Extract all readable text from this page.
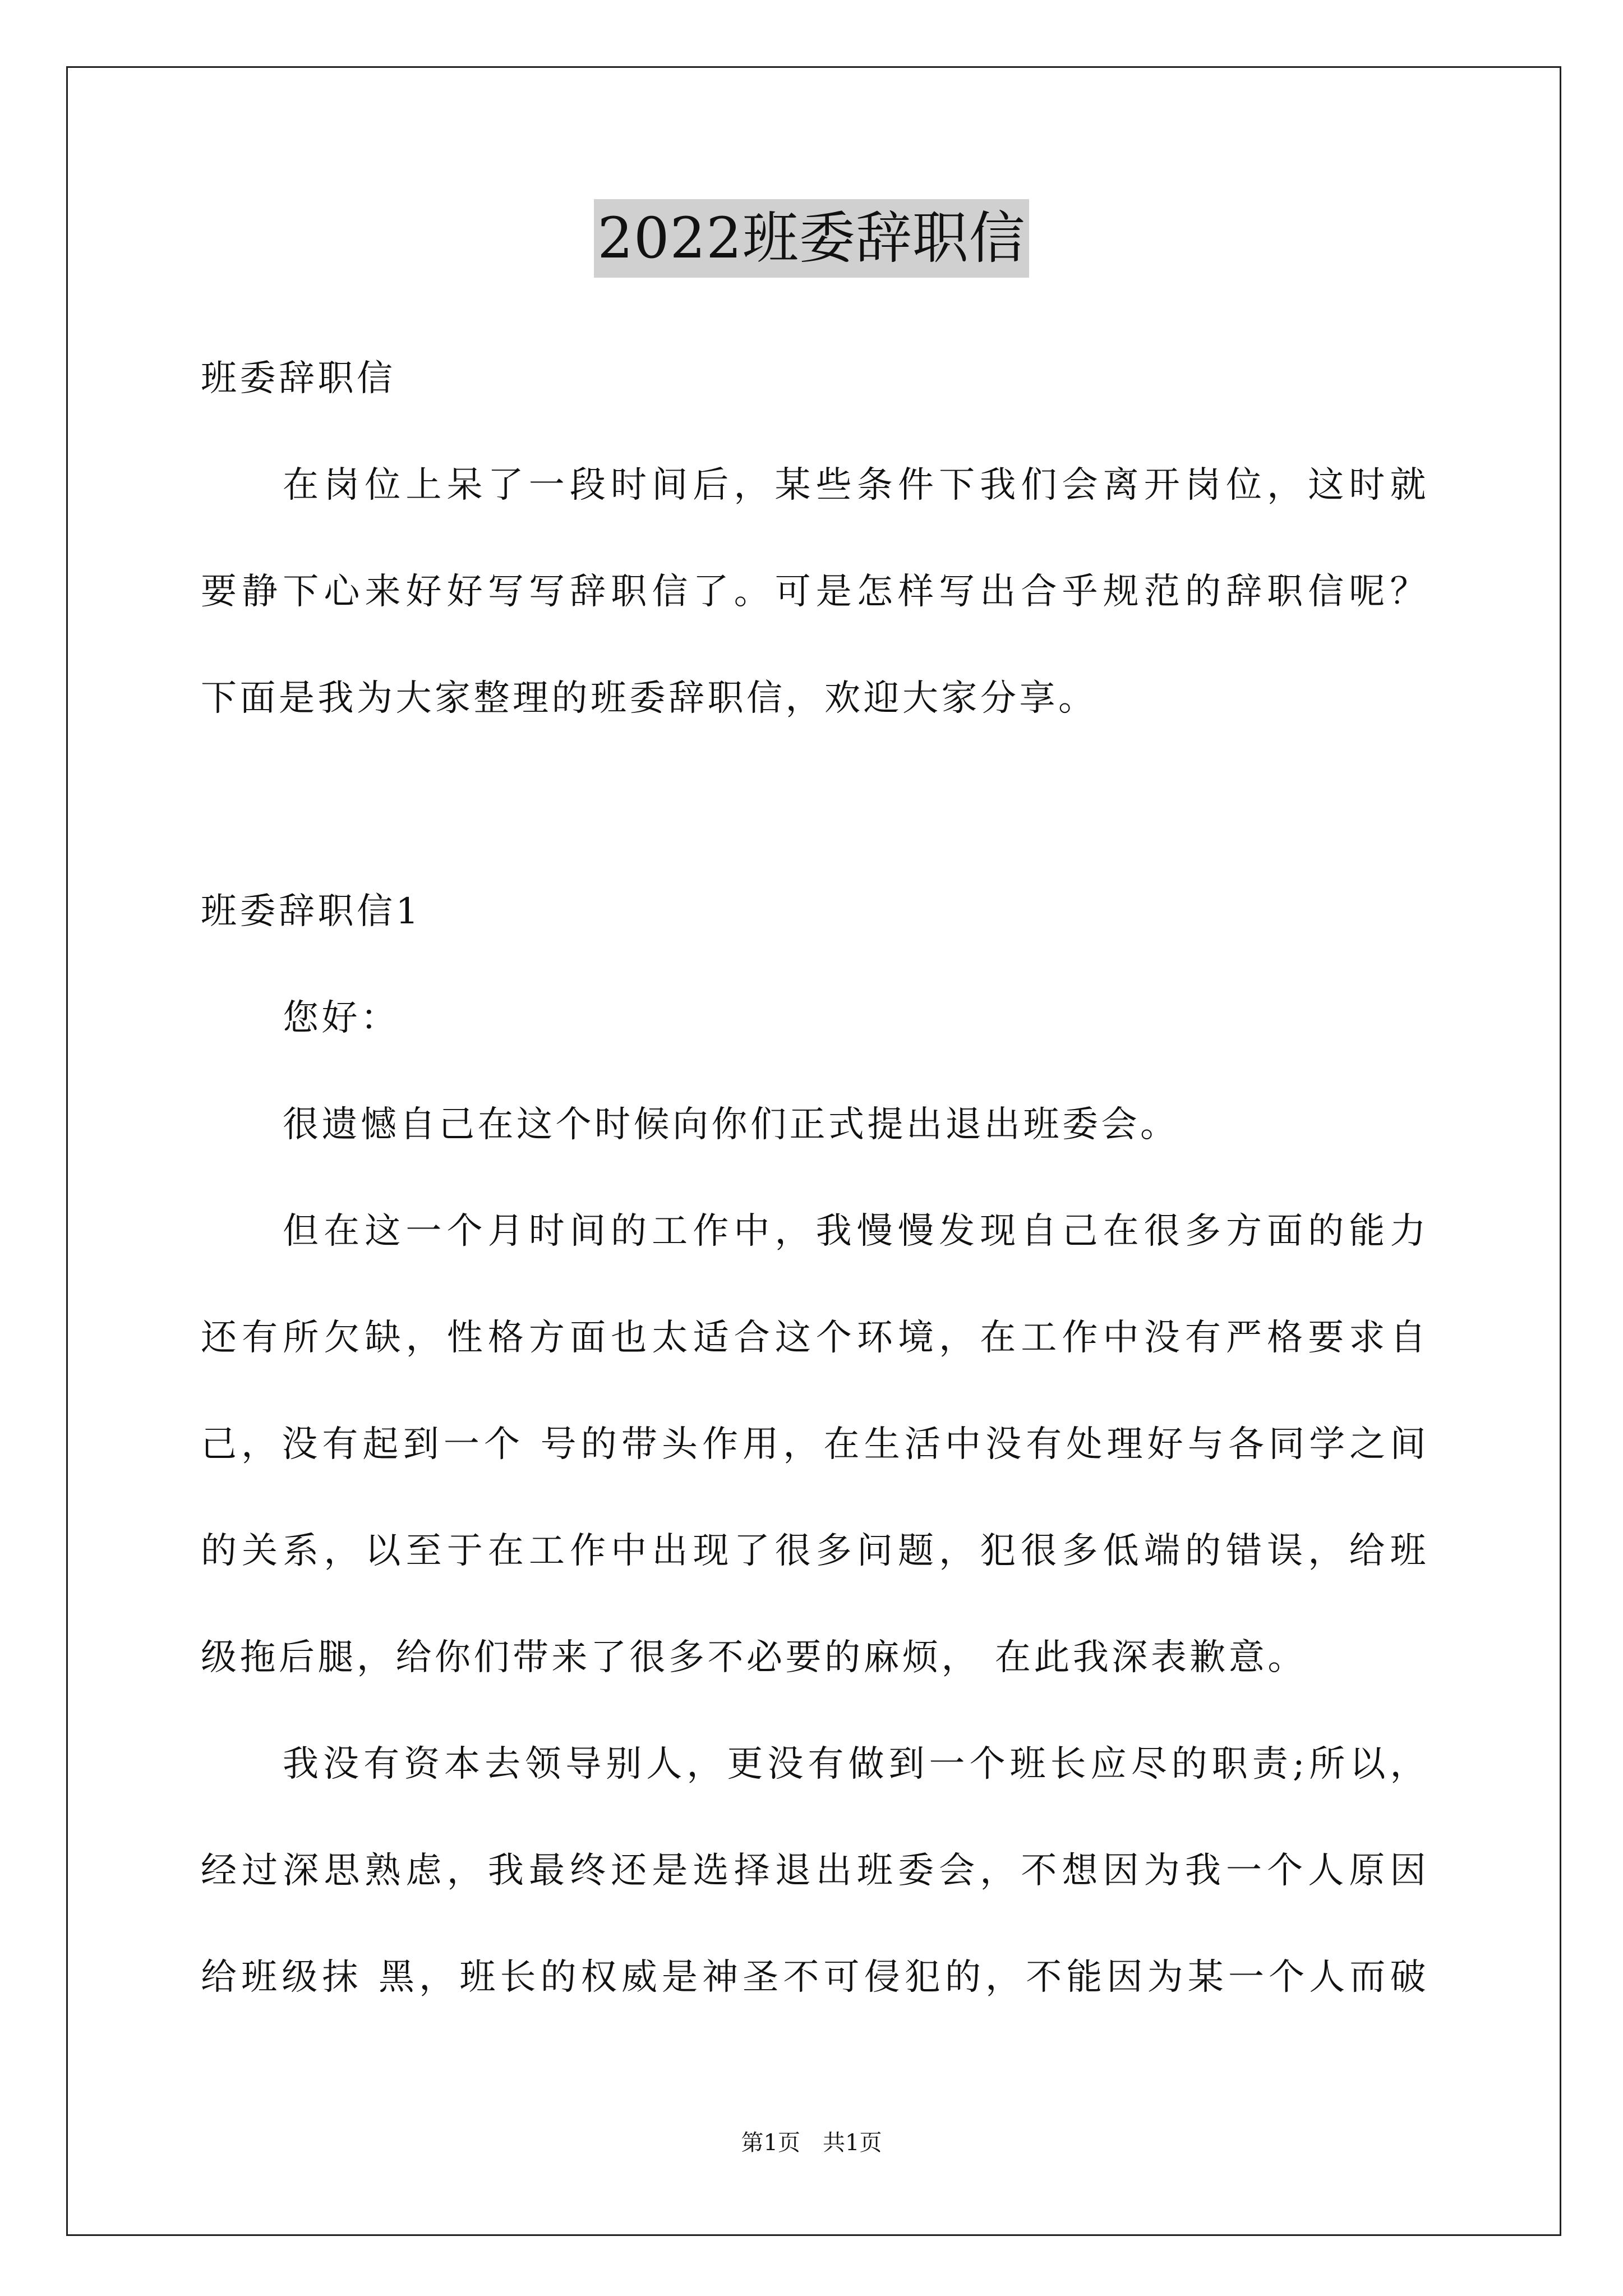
2022班委辞职信
班委辞职信
在岗位上呆了一段时间后，某些条件下我们会离开岗位，这时就
要静下心来好好写写辞职信了。可是怎样写出合乎规范的辞职信呢？
下面是我为大家整理的班委辞职信，欢迎大家分享。
班委辞职信1
您好：
很遗憾自己在这个时候向你们正式提出退出班委会。
但在这一个月时间的工作中，我慢慢发现自己在很多方面的能力
还有所欠缺，性格方面也太适合这个环境，在工作中没有严格要求自
己，没有起到一个 号的带头作用，在生活中没有处理好与各同学之间
的关系，以至于在工作中出现了很多问题，犯很多低端的错误，给班
级拖后腿，给你们带来了很多不必要的麻烦， 在此我深表歉意。
我没有资本去领导别人，更没有做到一个班长应尽的职责;所以，
经过深思熟虑，我最终还是选择退出班委会，不想因为我一个人原因
给班级抹 黑，班长的权威是神圣不可侵犯的，不能因为某一个人而破
第1页 共1页
